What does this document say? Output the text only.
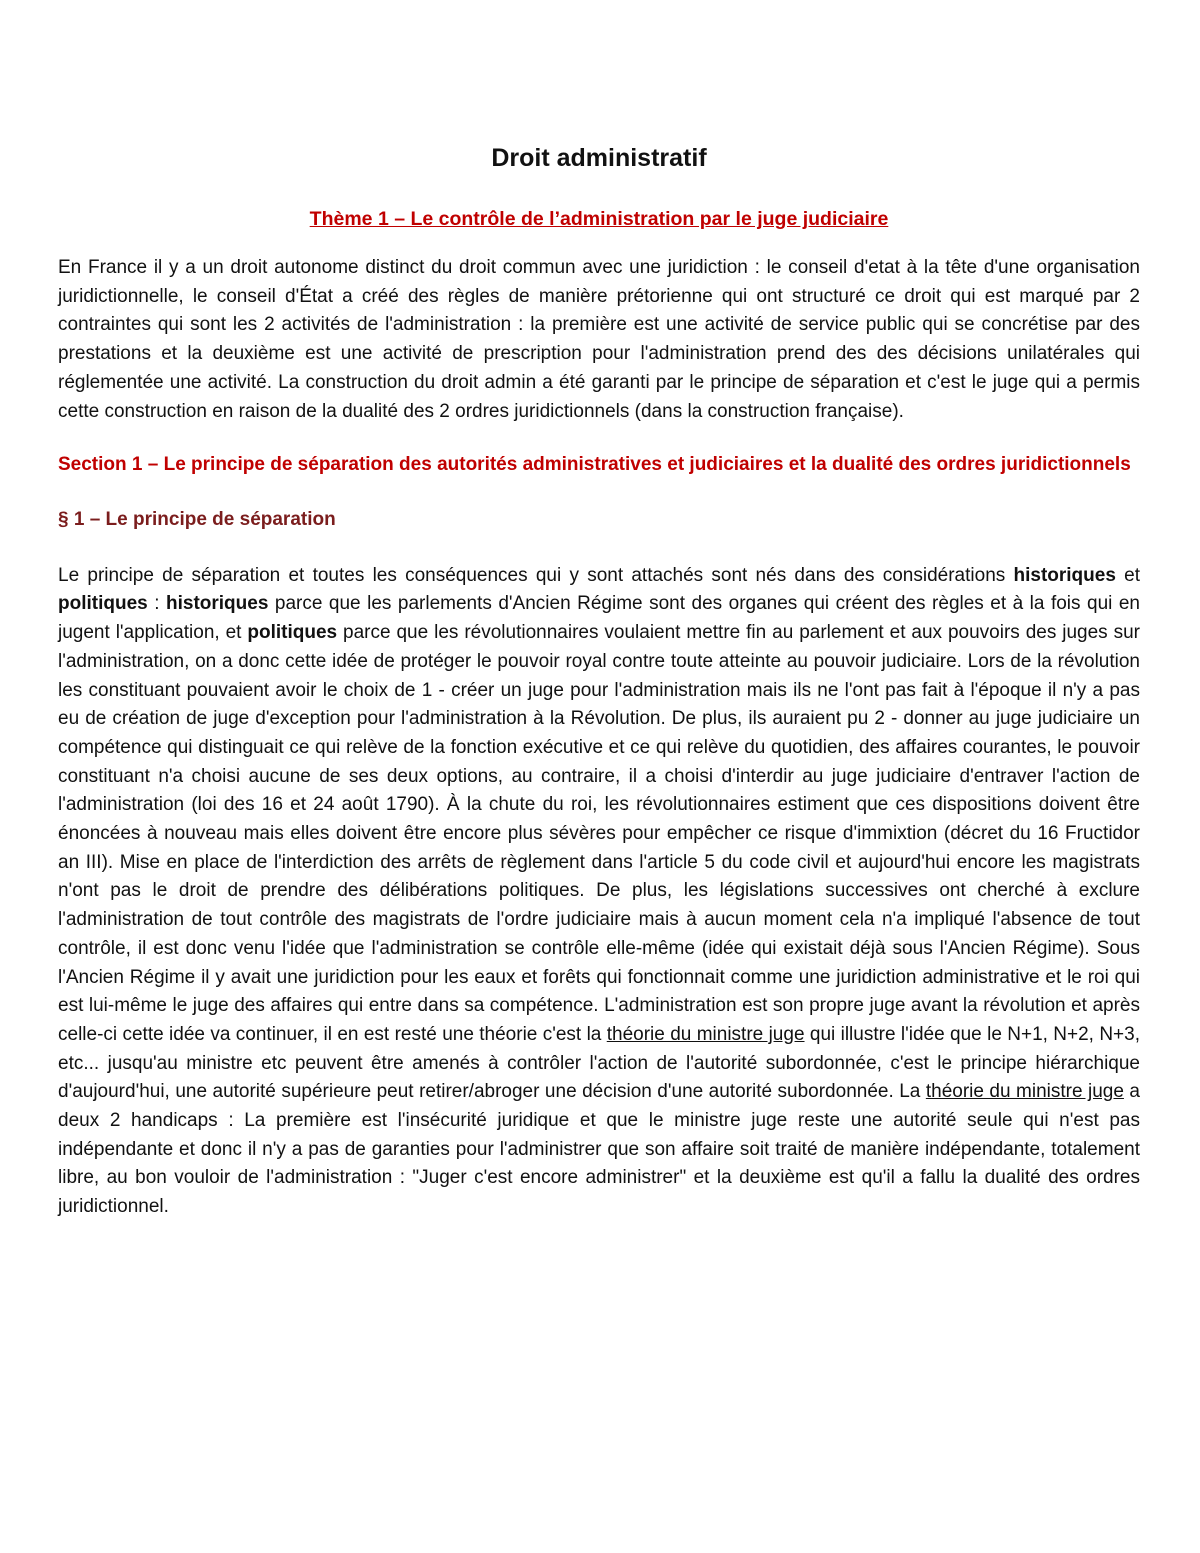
Droit administratif
Thème 1 – Le contrôle de l’administration par le juge judiciaire

En France il y a un droit autonome distinct du droit commun avec une juridiction : le conseil d'etat à la tête d'une organisation juridictionnelle, le conseil d'État a créé des règles de manière prétorienne qui ont structuré ce droit qui est marqué par 2 contraintes qui sont les 2 activités de l'administration : la première est une activité de service public qui se concrétise par des prestations et la deuxième est une activité de prescription pour l'administration prend des des décisions unilatérales qui réglementée une activité. La construction du droit admin a été garanti par le principe de séparation et c'est le juge qui a permis cette construction en raison de la dualité des 2 ordres juridictionnels (dans la construction française).

Section 1 – Le principe de séparation des autorités administratives et judiciaires et la dualité des ordres juridictionnels
§ 1 – Le principe de séparation

Le principe de séparation et toutes les conséquences qui y sont attachés sont nés dans des considérations historiques et politiques : historiques parce que les parlements d'Ancien Régime sont des organes qui créent des règles et à la fois qui en jugent l'application, et politiques parce que les révolutionnaires voulaient mettre fin au parlement et aux pouvoirs des juges sur l'administration, on a donc cette idée de protéger le pouvoir royal contre toute atteinte au pouvoir judiciaire. Lors de la révolution les constituant pouvaient avoir le choix de 1 - créer un juge pour l'administration mais ils ne l'ont pas fait à l'époque il n'y a pas eu de création de juge d'exception pour l'administration à la Révolution. De plus, ils auraient pu 2 - donner au juge judiciaire un compétence qui distinguait ce qui relève de la fonction exécutive et ce qui relève du quotidien, des affaires courantes, le pouvoir constituant n'a choisi aucune de ses deux options, au contraire, il a choisi d'interdir au juge judiciaire d'entraver l'action de l'administration (loi des 16 et 24 août 1790). À la chute du roi, les révolutionnaires estiment que ces dispositions doivent être énoncées à nouveau mais elles doivent être encore plus sévères pour empêcher ce risque d'immixtion (décret du 16 Fructidor an III). Mise en place de l'interdiction des arrêts de règlement dans l'article 5 du code civil et aujourd'hui encore les magistrats n'ont pas le droit de prendre des délibérations politiques. De plus, les législations successives ont cherché à exclure l'administration de tout contrôle des magistrats de l'ordre judiciaire mais à aucun moment cela n'a impliqué l'absence de tout contrôle, il est donc venu l'idée que l'administration se contrôle elle-même (idée qui existait déjà sous l'Ancien Régime). Sous l'Ancien Régime il y avait une juridiction pour les eaux et forêts qui fonctionnait comme une juridiction administrative et le roi qui est lui-même le juge des affaires qui entre dans sa compétence. L'administration est son propre juge avant la révolution et après celle-ci cette idée va continuer, il en est resté une théorie c'est la théorie du ministre juge qui illustre l'idée que le N+1, N+2, N+3, etc... jusqu'au ministre etc peuvent être amenés à contrôler l'action de l'autorité subordonnée, c'est le principe hiérarchique d'aujourd'hui, une autorité supérieure peut retirer/abroger une décision d'une autorité subordonnée. La théorie du ministre juge a deux 2 handicaps : La première est l'insécurité juridique et que le ministre juge reste une autorité seule qui n'est pas indépendante et donc il n'y a pas de garanties pour l'administrer que son affaire soit traité de manière indépendante, totalement libre, au bon vouloir de l'administration : "Juger c'est encore administrer" et la deuxième est qu'il a fallu la dualité des ordres juridictionnel.
